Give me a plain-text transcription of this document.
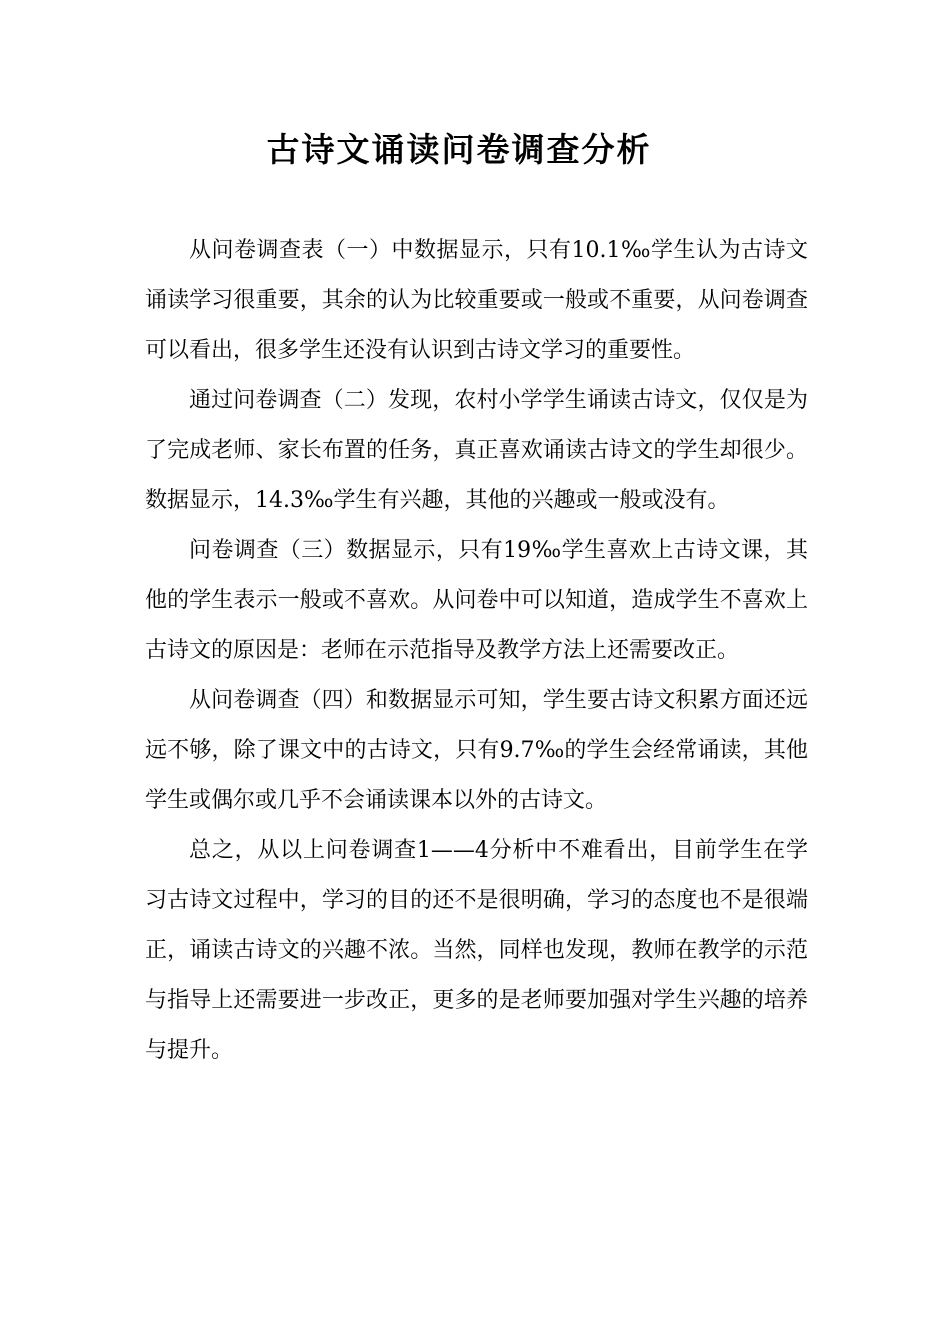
古诗文诵读问卷调查分析

从问卷调查表（一）中数据显示，只有10.1‰学生认为古诗文诵读学习很重要，其余的认为比较重要或一般或不重要，从问卷调查可以看出，很多学生还没有认识到古诗文学习的重要性。

通过问卷调查（二）发现，农村小学学生诵读古诗文，仅仅是为了完成老师、家长布置的任务，真正喜欢诵读古诗文的学生却很少。数据显示，14.3‰学生有兴趣，其他的兴趣或一般或没有。

问卷调查（三）数据显示，只有19‰学生喜欢上古诗文课，其他的学生表示一般或不喜欢。从问卷中可以知道，造成学生不喜欢上古诗文的原因是：老师在示范指导及教学方法上还需要改正。

从问卷调查（四）和数据显示可知，学生要古诗文积累方面还远远不够，除了课文中的古诗文，只有9.7‰的学生会经常诵读，其他学生或偶尔或几乎不会诵读课本以外的古诗文。

总之，从以上问卷调查1——4分析中不难看出，目前学生在学习古诗文过程中，学习的目的还不是很明确，学习的态度也不是很端正，诵读古诗文的兴趣不浓。当然，同样也发现，教师在教学的示范与指导上还需要进一步改正，更多的是老师要加强对学生兴趣的培养与提升。
